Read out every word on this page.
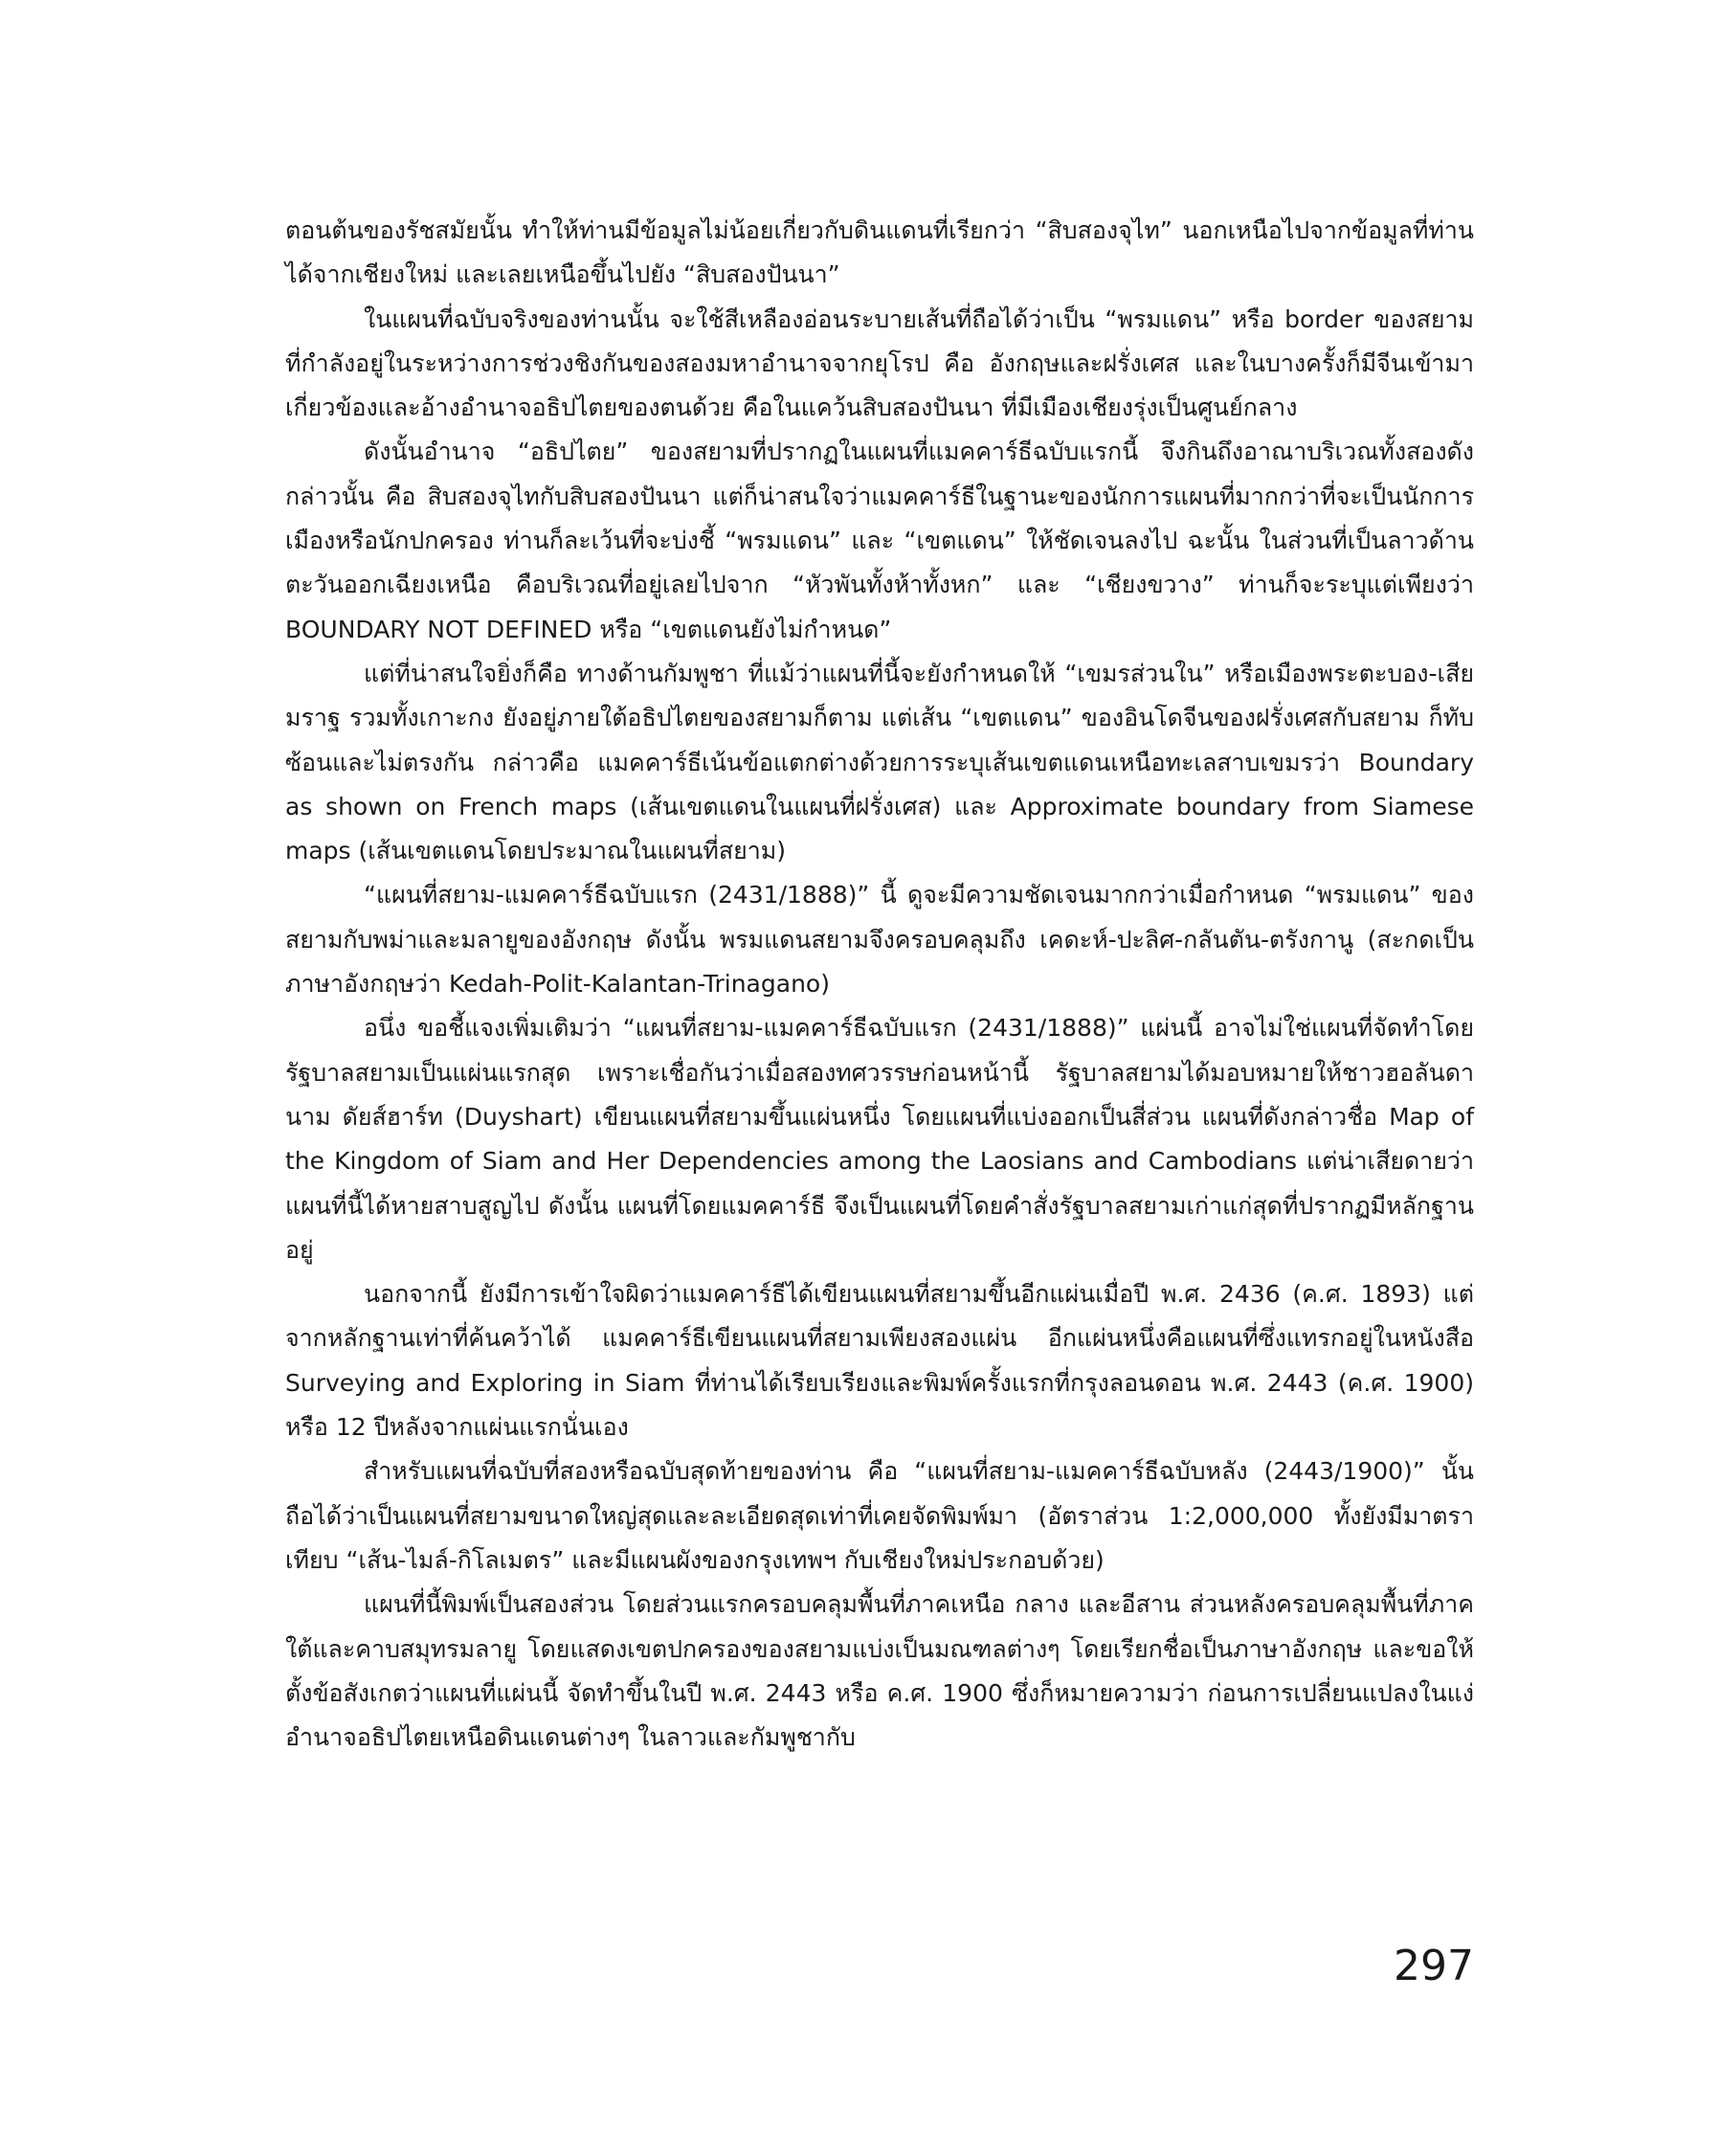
ตอนต้นของรัชสมัยนั้น ทำให้ท่านมีข้อมูลไม่น้อยเกี่ยวกับดินแดนที่เรียกว่า “สิบสองจุไท” นอกเหนือไปจากข้อมูลที่ท่านได้จากเชียงใหม่ และเลยเหนือขึ้นไปยัง “สิบสองปันนา”

ในแผนที่ฉบับจริงของท่านนั้น จะใช้สีเหลืองอ่อนระบายเส้นที่ถือได้ว่าเป็น “พรมแดน” หรือ border ของสยามที่กำลังอยู่ในระหว่างการช่วงชิงกันของสองมหาอำนาจจากยุโรป คือ อังกฤษและฝรั่งเศส และในบางครั้งก็มีจีนเข้ามาเกี่ยวข้องและอ้างอำนาจอธิปไตยของตนด้วย คือในแคว้นสิบสองปันนา ที่มีเมืองเชียงรุ่งเป็นศูนย์กลาง

ดังนั้นอำนาจ “อธิปไตย” ของสยามที่ปรากฏในแผนที่แมคคาร์ธีฉบับแรกนี้ จึงกินถึงอาณาบริเวณทั้งสองดังกล่าวนั้น คือ สิบสองจุไทกับสิบสองปันนา แต่ก็น่าสนใจว่าแมคคาร์ธีในฐานะของนักการแผนที่มากกว่าที่จะเป็นนักการเมืองหรือนักปกครอง ท่านก็ละเว้นที่จะบ่งชี้ “พรมแดน” และ “เขตแดน” ให้ชัดเจนลงไป ฉะนั้น ในส่วนที่เป็นลาวด้านตะวันออกเฉียงเหนือ คือบริเวณที่อยู่เลยไปจาก “หัวพันทั้งห้าทั้งหก” และ “เชียงขวาง” ท่านก็จะระบุแต่เพียงว่า BOUNDARY NOT DEFINED หรือ “เขตแดนยังไม่กำหนด”

แต่ที่น่าสนใจยิ่งก็คือ ทางด้านกัมพูชา ที่แม้ว่าแผนที่นี้จะยังกำหนดให้ “เขมรส่วนใน” หรือเมืองพระตะบอง-เสียมราฐ รวมทั้งเกาะกง ยังอยู่ภายใต้อธิปไตยของสยามก็ตาม แต่เส้น “เขตแดน” ของอินโดจีนของฝรั่งเศสกับสยาม ก็ทับซ้อนและไม่ตรงกัน กล่าวคือ แมคคาร์ธีเน้นข้อแตกต่างด้วยการระบุเส้นเขตแดนเหนือทะเลสาบเขมรว่า Boundary as shown on French maps (เส้นเขตแดนในแผนที่ฝรั่งเศส) และ Approximate boundary from Siamese maps (เส้นเขตแดนโดยประมาณในแผนที่สยาม)

“แผนที่สยาม-แมคคาร์ธีฉบับแรก (2431/1888)” นี้ ดูจะมีความชัดเจนมากกว่าเมื่อกำหนด “พรมแดน” ของสยามกับพม่าและมลายูของอังกฤษ ดังนั้น พรมแดนสยามจึงครอบคลุมถึง เคดะห์-ปะลิศ-กลันตัน-ตรังกานู (สะกดเป็นภาษาอังกฤษว่า Kedah-Polit-Kalantan-Trinagano)

อนึ่ง ขอชี้แจงเพิ่มเติมว่า “แผนที่สยาม-แมคคาร์ธีฉบับแรก (2431/1888)” แผ่นนี้ อาจไม่ใช่แผนที่จัดทำโดยรัฐบาลสยามเป็นแผ่นแรกสุด เพราะเชื่อกันว่าเมื่อสองทศวรรษก่อนหน้านี้ รัฐบาลสยามได้มอบหมายให้ชาวฮอลันดานาม ดัยส์ฮาร์ท (Duyshart) เขียนแผนที่สยามขึ้นแผ่นหนึ่ง โดยแผนที่แบ่งออกเป็นสี่ส่วน แผนที่ดังกล่าวชื่อ Map of the Kingdom of Siam and Her Dependencies among the Laosians and Cambodians แต่น่าเสียดายว่าแผนที่นี้ได้หายสาบสูญไป ดังนั้น แผนที่โดยแมคคาร์ธี จึงเป็นแผนที่โดยคำสั่งรัฐบาลสยามเก่าแก่สุดที่ปรากฏมีหลักฐานอยู่

นอกจากนี้ ยังมีการเข้าใจผิดว่าแมคคาร์ธีได้เขียนแผนที่สยามขึ้นอีกแผ่นเมื่อปี พ.ศ. 2436 (ค.ศ. 1893) แต่จากหลักฐานเท่าที่ค้นคว้าได้ แมคคาร์ธีเขียนแผนที่สยามเพียงสองแผ่น อีกแผ่นหนึ่งคือแผนที่ซึ่งแทรกอยู่ในหนังสือ Surveying and Exploring in Siam ที่ท่านได้เรียบเรียงและพิมพ์ครั้งแรกที่กรุงลอนดอน พ.ศ. 2443 (ค.ศ. 1900) หรือ 12 ปีหลังจากแผ่นแรกนั่นเอง

สำหรับแผนที่ฉบับที่สองหรือฉบับสุดท้ายของท่าน คือ “แผนที่สยาม-แมคคาร์ธีฉบับหลัง (2443/1900)” นั้น ถือได้ว่าเป็นแผนที่สยามขนาดใหญ่สุดและละเอียดสุดเท่าที่เคยจัดพิมพ์มา (อัตราส่วน 1:2,000,000 ทั้งยังมีมาตราเทียบ “เส้น-ไมล์-กิโลเมตร” และมีแผนผังของกรุงเทพฯ กับเชียงใหม่ประกอบด้วย)

แผนที่นี้พิมพ์เป็นสองส่วน โดยส่วนแรกครอบคลุมพื้นที่ภาคเหนือ กลาง และอีสาน ส่วนหลังครอบคลุมพื้นที่ภาคใต้และคาบสมุทรมลายู โดยแสดงเขตปกครองของสยามแบ่งเป็นมณฑลต่างๆ โดยเรียกชื่อเป็นภาษาอังกฤษ และขอให้ตั้งข้อสังเกตว่าแผนที่แผ่นนี้ จัดทำขึ้นในปี พ.ศ. 2443 หรือ ค.ศ. 1900 ซึ่งก็หมายความว่า ก่อนการเปลี่ยนแปลงในแง่อำนาจอธิปไตยเหนือดินแดนต่างๆ ในลาวและกัมพูชากับ

297
